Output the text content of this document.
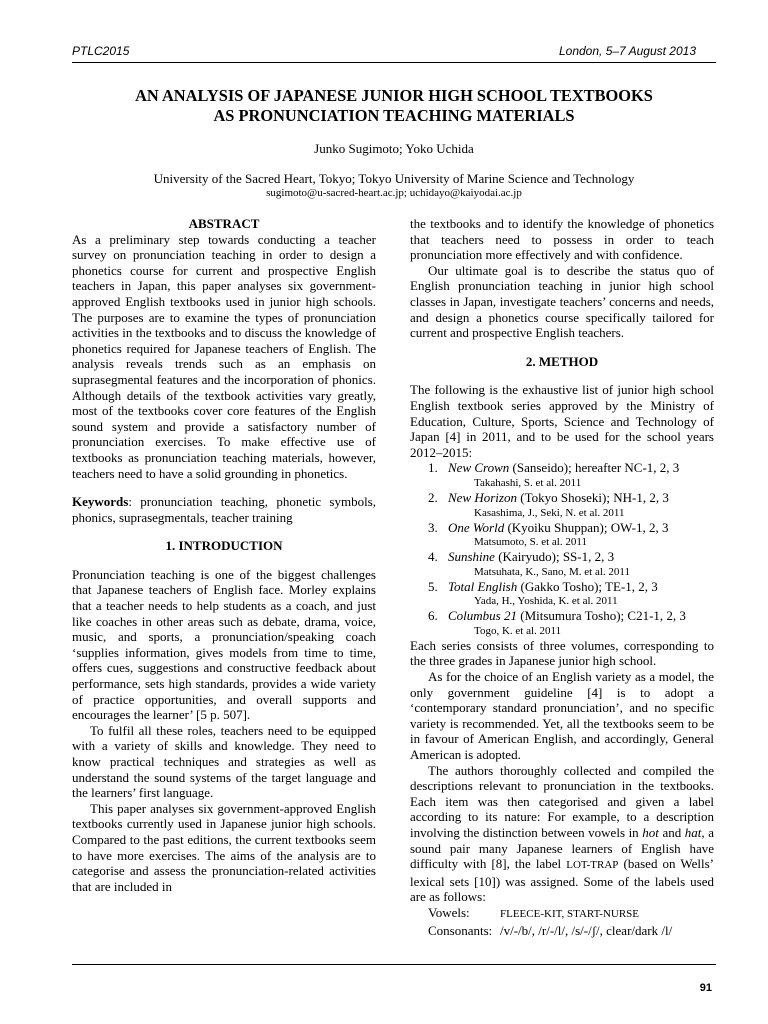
PTLC2015	London, 5–7 August 2013
AN ANALYSIS OF JAPANESE JUNIOR HIGH SCHOOL TEXTBOOKS
AS PRONUNCIATION TEACHING MATERIALS
Junko Sugimoto; Yoko Uchida
University of the Sacred Heart, Tokyo; Tokyo University of Marine Science and Technology
sugimoto@u-sacred-heart.ac.jp; uchidayo@kaiyodai.ac.jp

ABSTRACT

As a preliminary step towards conducting a teacher survey on pronunciation teaching in order to design a phonetics course for current and prospective English teachers in Japan, this paper analyses six government-approved English textbooks used in junior high schools. The purposes are to examine the types of pronunciation activities in the textbooks and to discuss the knowledge of phonetics required for Japanese teachers of English. The analysis reveals trends such as an emphasis on suprasegmental features and the incorporation of phonics. Although details of the textbook activities vary greatly, most of the textbooks cover core features of the English sound system and provide a satisfactory number of pronunciation exercises. To make effective use of textbooks as pronunciation teaching materials, however, teachers need to have a solid grounding in phonetics.

Keywords: pronunciation teaching, phonetic symbols, phonics, suprasegmentals, teacher training

1. INTRODUCTION

Pronunciation teaching is one of the biggest challenges that Japanese teachers of English face. Morley explains that a teacher needs to help students as a coach, and just like coaches in other areas such as debate, drama, voice, music, and sports, a pronunciation/speaking coach ‘supplies information, gives models from time to time, offers cues, suggestions and constructive feedback about performance, sets high standards, provides a wide variety of practice opportunities, and overall supports and encourages the learner’ [5 p. 507].

To fulfil all these roles, teachers need to be equipped with a variety of skills and knowledge. They need to know practical techniques and strategies as well as understand the sound systems of the target language and the learners’ first language.

This paper analyses six government-approved English textbooks currently used in Japanese junior high schools. Compared to the past editions, the current textbooks seem to have more exercises. The aims of the analysis are to categorise and assess the pronunciation-related activities that are included in

the textbooks and to identify the knowledge of phonetics that teachers need to possess in order to teach pronunciation more effectively and with confidence.

Our ultimate goal is to describe the status quo of English pronunciation teaching in junior high school classes in Japan, investigate teachers’ concerns and needs, and design a phonetics course specifically tailored for current and prospective English teachers.

2. METHOD

The following is the exhaustive list of junior high school English textbook series approved by the Ministry of Education, Culture, Sports, Science and Technology of Japan [4] in 2011, and to be used for the school years 2012–2015:

1. New Crown (Sanseido); hereafter NC-1, 2, 3
Takahashi, S. et al. 2011
2. New Horizon (Tokyo Shoseki); NH-1, 2, 3
Kasashima, J., Seki, N. et al. 2011
3. One World (Kyoiku Shuppan); OW-1, 2, 3
Matsumoto, S. et al. 2011
4. Sunshine (Kairyudo); SS-1, 2, 3
Matsuhata, K., Sano, M. et al. 2011
5. Total English (Gakko Tosho); TE-1, 2, 3
Yada, H., Yoshida, K. et al. 2011
6. Columbus 21 (Mitsumura Tosho); C21-1, 2, 3
Togo, K. et al. 2011

Each series consists of three volumes, corresponding to the three grades in Japanese junior high school.

As for the choice of an English variety as a model, the only government guideline [4] is to adopt a ‘contemporary standard pronunciation’, and no specific variety is recommended. Yet, all the textbooks seem to be in favour of American English, and accordingly, General American is adopted.

The authors thoroughly collected and compiled the descriptions relevant to pronunciation in the textbooks. Each item was then categorised and given a label according to its nature: For example, to a description involving the distinction between vowels in hot and hat, a sound pair many Japanese learners of English have difficulty with [8], the label LOT-TRAP (based on Wells’ lexical sets [10]) was assigned. Some of the labels used are as follows:

Vowels:	FLEECE-KIT, START-NURSE
Consonants: /v/-/b/, /r/-/l/, /s/-/ʃ/, clear/dark /l/
91
